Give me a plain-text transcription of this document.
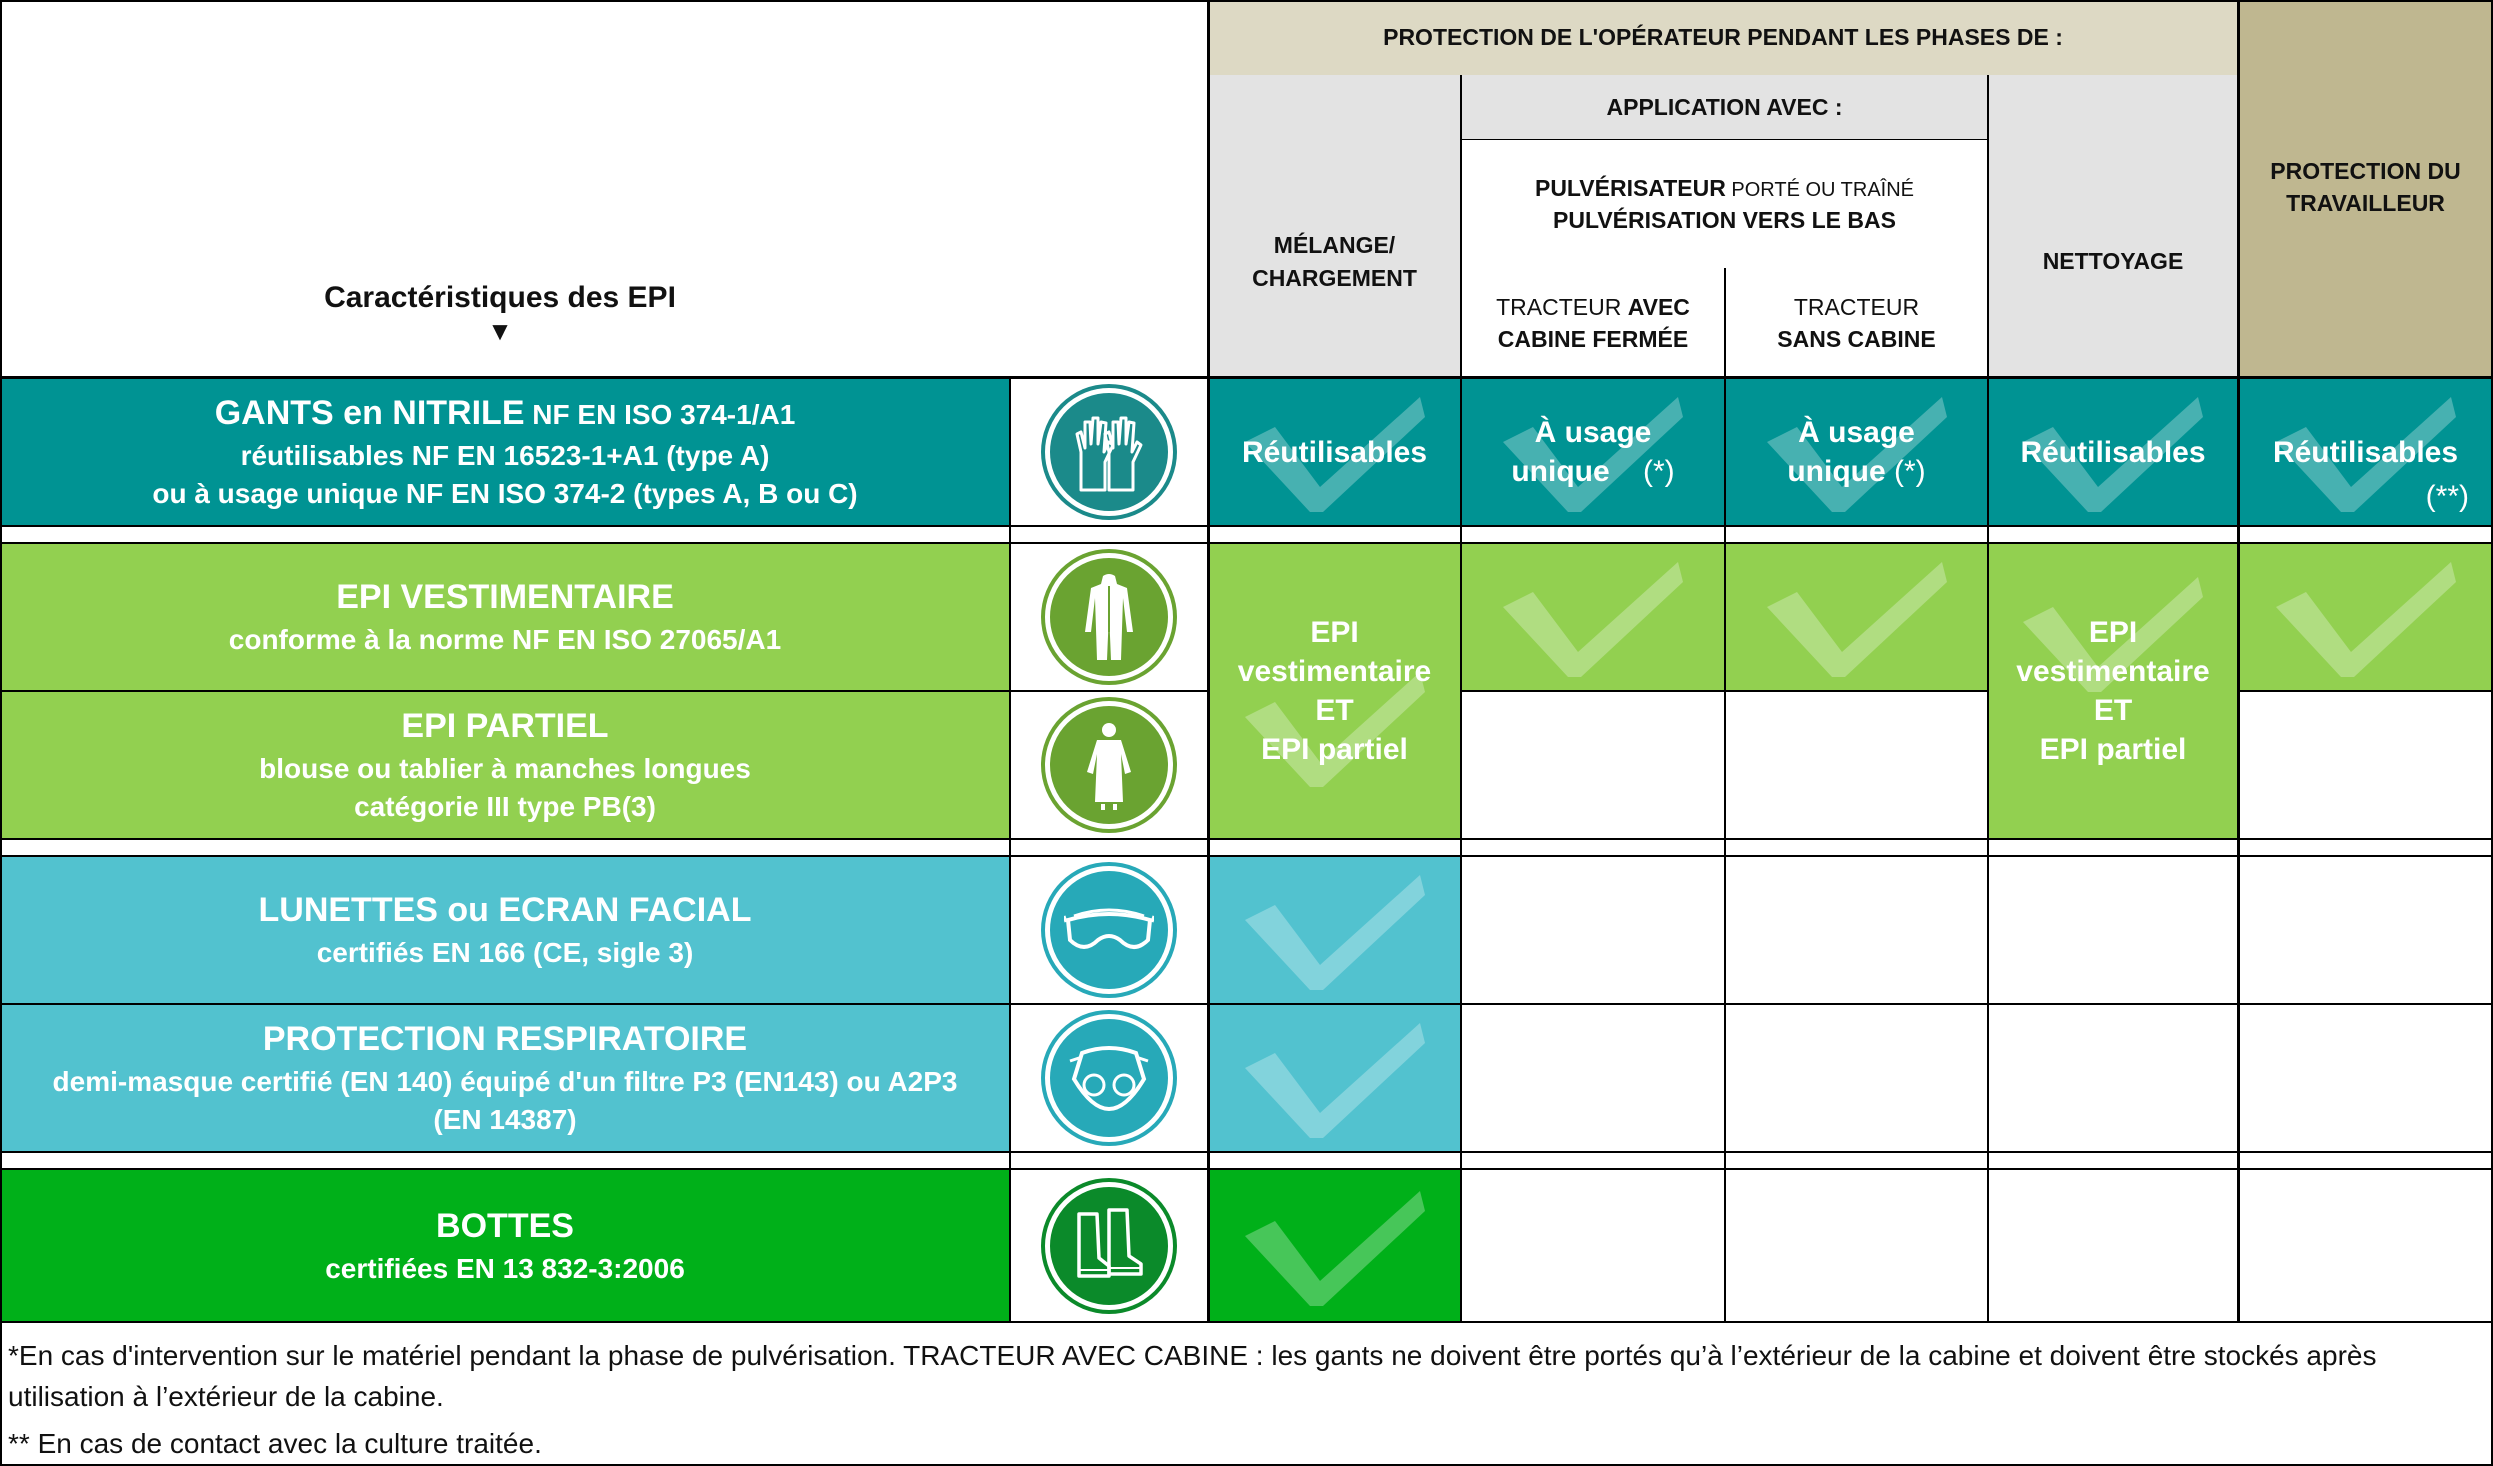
Caractéristiques des EPI
▼
PROTECTION DE L'OPÉRATEUR PENDANT LES PHASES DE :
PROTECTION DU
TRAVAILLEUR
MÉLANGE/
CHARGEMENT
APPLICATION AVEC :
PULVÉRISATEUR PORTÉ OU TRAÎNÉ
PULVÉRISATION VERS LE BAS
TRACTEUR AVEC
CABINE FERMÉE
TRACTEUR
SANS CABINE
NETTOYAGE
GANTS en NITRILE NF EN ISO 374-1/A1
réutilisables NF EN 16523-1+A1 (type A)
ou à usage unique NF EN ISO 374-2 (types A, B ou C)
Réutilisables
À usage
unique (*)
À usage
unique (*)
Réutilisables Réutilisables
(**)
EPI VESTIMENTAIRE
conforme à la norme NF EN ISO 27065/A1
EPI PARTIEL
blouse ou tablier à manches longues
catégorie III type PB(3)
EPI
vestimentaire
ET
EPI partiel
EPI
vestimentaire
ET
EPI partiel
LUNETTES ou ECRAN FACIAL
certifiés EN 166 (CE, sigle 3)
PROTECTION RESPIRATOIRE
demi-masque certifié (EN 140) équipé d'un filtre P3 (EN143) ou A2P3
(EN 14387)
BOTTES
certifiées EN 13 832-3:2006
*En cas d'intervention sur le matériel pendant la phase de pulvérisation. TRACTEUR AVEC CABINE : les gants ne doivent être portés qu’à l’extérieur de la cabine et doivent être stockés après utilisation à l’extérieur de la cabine.
** En cas de contact avec la culture traitée.
